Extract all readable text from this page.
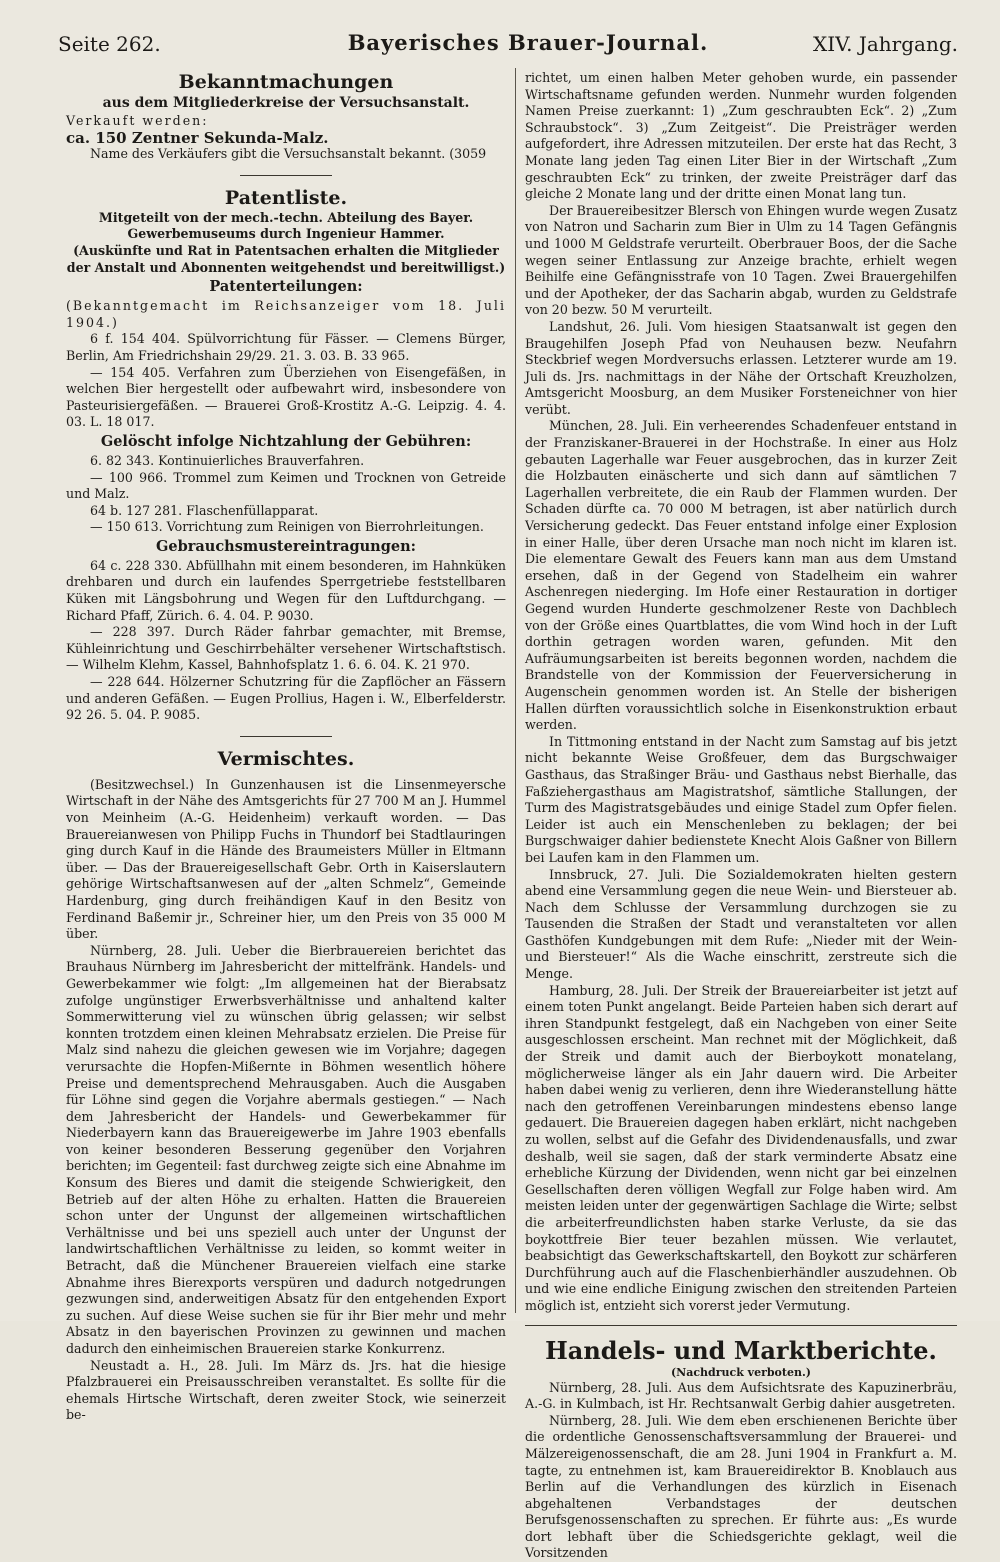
Seite 262.	Bayerisches Brauer-Journal.	XIV. Jahrgang.

Bekanntmachungen

aus dem Mitgliederkreise der Versuchsanstalt.

Verkauft werden:

ca. 150 Zentner Sekunda-Malz.

Name des Verkäufers gibt die Versuchsanstalt bekannt. (3059

Patentliste.

Mitgeteilt von der mech.-techn. Abteilung des Bayer. Gewerbemuseums durch Ingenieur Hammer.

(Auskünfte und Rat in Patentsachen erhalten die Mitglieder der Anstalt und Abonnenten weitgehendst und bereitwilligst.)

Patenterteilungen:

(Bekanntgemacht im Reichsanzeiger vom 18. Juli 1904.)

6 f. 154 404. Spülvorrichtung für Fässer. — Clemens Bürger, Berlin, Am Friedrichshain 29/29. 21. 3. 03. B. 33 965.

— 154 405. Verfahren zum Überziehen von Eisengefäßen, in welchen Bier hergestellt oder aufbewahrt wird, insbesondere von Pasteurisiergefäßen. — Brauerei Groß-Krostitz A.-G. Leipzig. 4. 4. 03. L. 18 017.

Gelöscht infolge Nichtzahlung der Gebühren:

6. 82 343. Kontinuierliches Brauverfahren.

— 100 966. Trommel zum Keimen und Trocknen von Getreide und Malz.

64 b. 127 281. Flaschenfüllapparat.

— 150 613. Vorrichtung zum Reinigen von Bierrohrleitungen.

Gebrauchsmustereintragungen:

64 c. 228 330. Abfüllhahn mit einem besonderen, im Hahnküken drehbaren und durch ein laufendes Sperrgetriebe feststellbaren Küken mit Längsbohrung und Wegen für den Luftdurchgang. — Richard Pfaff, Zürich. 6. 4. 04. P. 9030.

— 228 397. Durch Räder fahrbar gemachter, mit Bremse, Kühleinrichtung und Geschirrbehälter versehener Wirtschaftstisch. — Wilhelm Klehm, Kassel, Bahnhofsplatz 1. 6. 6. 04. K. 21 970.

— 228 644. Hölzerner Schutzring für die Zapflöcher an Fässern und anderen Gefäßen. — Eugen Prollius, Hagen i. W., Elberfelderstr. 92 26. 5. 04. P. 9085.

Vermischtes.

(Besitzwechsel.) In Gunzenhausen ist die Linsenmeyersche Wirtschaft in der Nähe des Amtsgerichts für 27 700 M an J. Hummel von Meinheim (A.-G. Heidenheim) verkauft worden. — Das Brauereianwesen von Philipp Fuchs in Thundorf bei Stadtlauringen ging durch Kauf in die Hände des Braumeisters Müller in Eltmann über. — Das der Brauereigesellschaft Gebr. Orth in Kaiserslautern gehörige Wirtschaftsanwesen auf der „alten Schmelz“, Gemeinde Hardenburg, ging durch freihändigen Kauf in den Besitz von Ferdinand Baßemir jr., Schreiner hier, um den Preis von 35 000 M über.

Nürnberg, 28. Juli. Ueber die Bierbrauereien berichtet das Brauhaus Nürnberg im Jahresbericht der mittelfränk. Handels- und Gewerbekammer wie folgt: „Im allgemeinen hat der Bierabsatz zufolge ungünstiger Erwerbsverhältnisse und anhaltend kalter Sommerwitterung viel zu wünschen übrig gelassen; wir selbst konnten trotzdem einen kleinen Mehrabsatz erzielen. Die Preise für Malz sind nahezu die gleichen gewesen wie im Vorjahre; dagegen verursachte die Hopfen-Mißernte in Böhmen wesentlich höhere Preise und dementsprechend Mehrausgaben. Auch die Ausgaben für Löhne sind gegen die Vorjahre abermals gestiegen.“ — Nach dem Jahresbericht der Handels- und Gewerbekammer für Niederbayern kann das Brauereigewerbe im Jahre 1903 ebenfalls von keiner besonderen Besserung gegenüber den Vorjahren berichten; im Gegenteil: fast durchweg zeigte sich eine Abnahme im Konsum des Bieres und damit die steigende Schwierigkeit, den Betrieb auf der alten Höhe zu erhalten. Hatten die Brauereien schon unter der Ungunst der allgemeinen wirtschaftlichen Verhältnisse und bei uns speziell auch unter der Ungunst der landwirtschaftlichen Verhältnisse zu leiden, so kommt weiter in Betracht, daß die Münchener Brauereien vielfach eine starke Abnahme ihres Bierexports verspüren und dadurch notgedrungen gezwungen sind, anderweitigen Absatz für den entgehenden Export zu suchen. Auf diese Weise suchen sie für ihr Bier mehr und mehr Absatz in den bayerischen Provinzen zu gewinnen und machen dadurch den einheimischen Brauereien starke Konkurrenz.

Neustadt a. H., 28. Juli. Im März ds. Jrs. hat die hiesige Pfalzbrauerei ein Preisausschreiben veranstaltet. Es sollte für die ehemals Hirtsche Wirtschaft, deren zweiter Stock, wie seinerzeit be-

richtet, um einen halben Meter gehoben wurde, ein passender Wirtschaftsname gefunden werden. Nunmehr wurden folgenden Namen Preise zuerkannt: 1) „Zum geschraubten Eck“. 2) „Zum Schraubstock“. 3) „Zum Zeitgeist“. Die Preisträger werden aufgefordert, ihre Adressen mitzuteilen. Der erste hat das Recht, 3 Monate lang jeden Tag einen Liter Bier in der Wirtschaft „Zum geschraubten Eck“ zu trinken, der zweite Preisträger darf das gleiche 2 Monate lang und der dritte einen Monat lang tun.

Der Brauereibesitzer Blersch von Ehingen wurde wegen Zusatz von Natron und Sacharin zum Bier in Ulm zu 14 Tagen Gefängnis und 1000 M Geldstrafe verurteilt. Oberbrauer Boos, der die Sache wegen seiner Entlassung zur Anzeige brachte, erhielt wegen Beihilfe eine Gefängnisstrafe von 10 Tagen. Zwei Brauergehilfen und der Apotheker, der das Sacharin abgab, wurden zu Geldstrafe von 20 bezw. 50 M verurteilt.

Landshut, 26. Juli. Vom hiesigen Staatsanwalt ist gegen den Braugehilfen Joseph Pfad von Neuhausen bezw. Neufahrn Steckbrief wegen Mordversuchs erlassen. Letzterer wurde am 19. Juli ds. Jrs. nachmittags in der Nähe der Ortschaft Kreuzholzen, Amtsgericht Moosburg, an dem Musiker Forsteneichner von hier verübt.

München, 28. Juli. Ein verheerendes Schadenfeuer entstand in der Franziskaner-Brauerei in der Hochstraße. In einer aus Holz gebauten Lagerhalle war Feuer ausgebrochen, das in kurzer Zeit die Holzbauten einäscherte und sich dann auf sämtlichen 7 Lagerhallen verbreitete, die ein Raub der Flammen wurden. Der Schaden dürfte ca. 70 000 M betragen, ist aber natürlich durch Versicherung gedeckt. Das Feuer entstand infolge einer Explosion in einer Halle, über deren Ursache man noch nicht im klaren ist. Die elementare Gewalt des Feuers kann man aus dem Umstand ersehen, daß in der Gegend von Stadelheim ein wahrer Aschenregen niederging. Im Hofe einer Restauration in dortiger Gegend wurden Hunderte geschmolzener Reste von Dachblech von der Größe eines Quartblattes, die vom Wind hoch in der Luft dorthin getragen worden waren, gefunden. Mit den Aufräumungsarbeiten ist bereits begonnen worden, nachdem die Brandstelle von der Kommission der Feuerversicherung in Augenschein genommen worden ist. An Stelle der bisherigen Hallen dürften voraussichtlich solche in Eisenkonstruktion erbaut werden.

In Tittmoning entstand in der Nacht zum Samstag auf bis jetzt nicht bekannte Weise Großfeuer, dem das Burgschwaiger Gasthaus, das Straßinger Bräu- und Gasthaus nebst Bierhalle, das Faßziehergasthaus am Magistratshof, sämtliche Stallungen, der Turm des Magistratsgebäudes und einige Stadel zum Opfer fielen. Leider ist auch ein Menschenleben zu beklagen; der bei Burgschwaiger dahier bedienstete Knecht Alois Gaßner von Billern bei Laufen kam in den Flammen um.

Innsbruck, 27. Juli. Die Sozialdemokraten hielten gestern abend eine Versammlung gegen die neue Wein- und Biersteuer ab. Nach dem Schlusse der Versammlung durchzogen sie zu Tausenden die Straßen der Stadt und veranstalteten vor allen Gasthöfen Kundgebungen mit dem Rufe: „Nieder mit der Wein- und Biersteuer!“ Als die Wache einschritt, zerstreute sich die Menge.

Hamburg, 28. Juli. Der Streik der Brauereiarbeiter ist jetzt auf einem toten Punkt angelangt. Beide Parteien haben sich derart auf ihren Standpunkt festgelegt, daß ein Nachgeben von einer Seite ausgeschlossen erscheint. Man rechnet mit der Möglichkeit, daß der Streik und damit auch der Bierboykott monatelang, möglicherweise länger als ein Jahr dauern wird. Die Arbeiter haben dabei wenig zu verlieren, denn ihre Wiederanstellung hätte nach den getroffenen Vereinbarungen mindestens ebenso lange gedauert. Die Brauereien dagegen haben erklärt, nicht nachgeben zu wollen, selbst auf die Gefahr des Dividendenausfalls, und zwar deshalb, weil sie sagen, daß der stark verminderte Absatz eine erhebliche Kürzung der Dividenden, wenn nicht gar bei einzelnen Gesellschaften deren völligen Wegfall zur Folge haben wird. Am meisten leiden unter der gegenwärtigen Sachlage die Wirte; selbst die arbeiterfreundlichsten haben starke Verluste, da sie das boykottfreie Bier teuer bezahlen müssen. Wie verlautet, beabsichtigt das Gewerkschaftskartell, den Boykott zur schärferen Durchführung auch auf die Flaschenbierhändler auszudehnen. Ob und wie eine endliche Einigung zwischen den streitenden Parteien möglich ist, entzieht sich vorerst jeder Vermutung.

Handels- und Marktberichte.

(Nachdruck verboten.)

Nürnberg, 28. Juli. Aus dem Aufsichtsrate des Kapuzinerbräu, A.-G. in Kulmbach, ist Hr. Rechtsanwalt Gerbig dahier ausgetreten.

Nürnberg, 28. Juli. Wie dem eben erschienenen Berichte über die ordentliche Genossenschaftsversammlung der Brauerei- und Mälzereigenossenschaft, die am 28. Juni 1904 in Frankfurt a. M. tagte, zu entnehmen ist, kam Brauereidirektor B. Knoblauch aus Berlin auf die Verhandlungen des kürzlich in Eisenach abgehaltenen Verbandstages der deutschen Berufsgenossenschaften zu sprechen. Er führte aus: „Es wurde dort lebhaft über die Schiedsgerichte geklagt, weil die Vorsitzenden
